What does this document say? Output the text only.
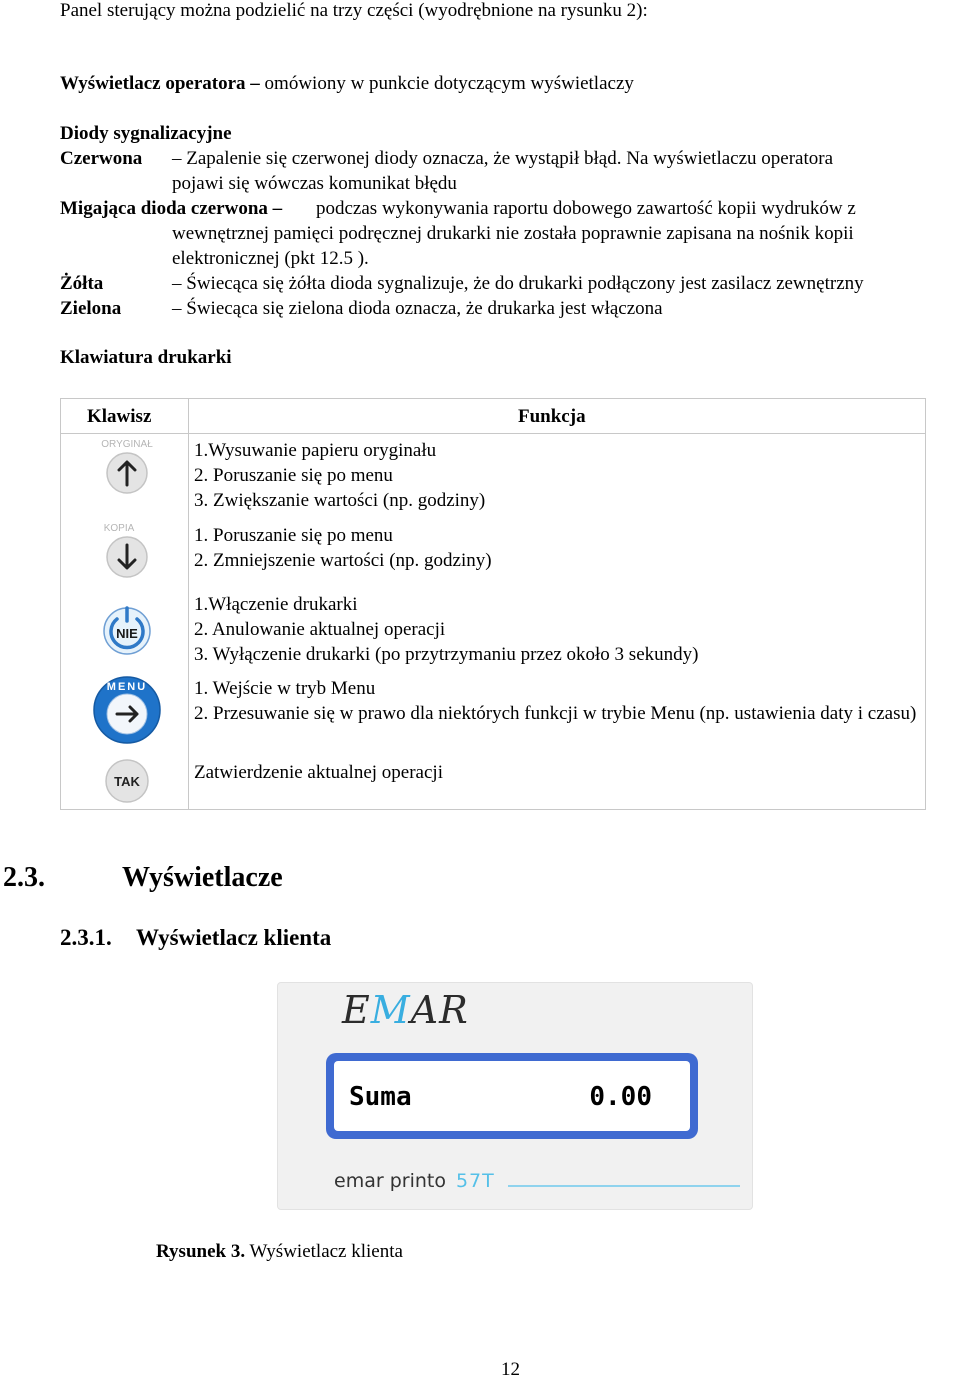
Panel sterujący można podzielić na trzy części (wyodrębnione na rysunku 2):
Wyświetlacz operatora – omówiony w punkcie dotyczącym wyświetlaczy
Diody sygnalizacyjne
Czerwona – Zapalenie się czerwonej diody oznacza, że wystąpił błąd. Na wyświetlaczu operatora
pojawi się wówczas komunikat błędu
Migająca dioda czerwona – podczas wykonywania raportu dobowego zawartość kopii wydruków z
wewnętrznej pamięci podręcznej drukarki nie została poprawnie zapisana na nośnik kopii
elektronicznej (pkt 12.5 ).
Żółta	– Świecąca się żółta dioda sygnalizuje, że do drukarki podłączony jest zasilacz zewnętrzny
Zielona	– Świecąca się zielona dioda oznacza, że drukarka jest włączona
Klawiatura drukarki
Klawisz	Funkcja
ORYGINAŁ 1.Wysuwanie papieru oryginału
2. Poruszanie się po menu
3. Zwiększanie wartości (np. godziny)
KOPIA	1. Poruszanie się po menu
2. Zmniejszenie wartości (np. godziny)
NIE
1.Włączenie drukarki
2. Anulowanie aktualnej operacji
3. Wyłączenie drukarki (po przytrzymaniu przez około 3 sekundy)
MENU 1. Wejście w tryb Menu
2. Przesuwanie się w prawo dla niektórych funkcji w trybie Menu (np. ustawienia daty i czasu)
TAK	Zatwierdzenie aktualnej operacji
2.3.	Wyświetlacze
2.3.1. Wyświetlacz klienta
EMAR
Suma	0.00
emar printo 57T
Rysunek 3. Wyświetlacz klienta
12
